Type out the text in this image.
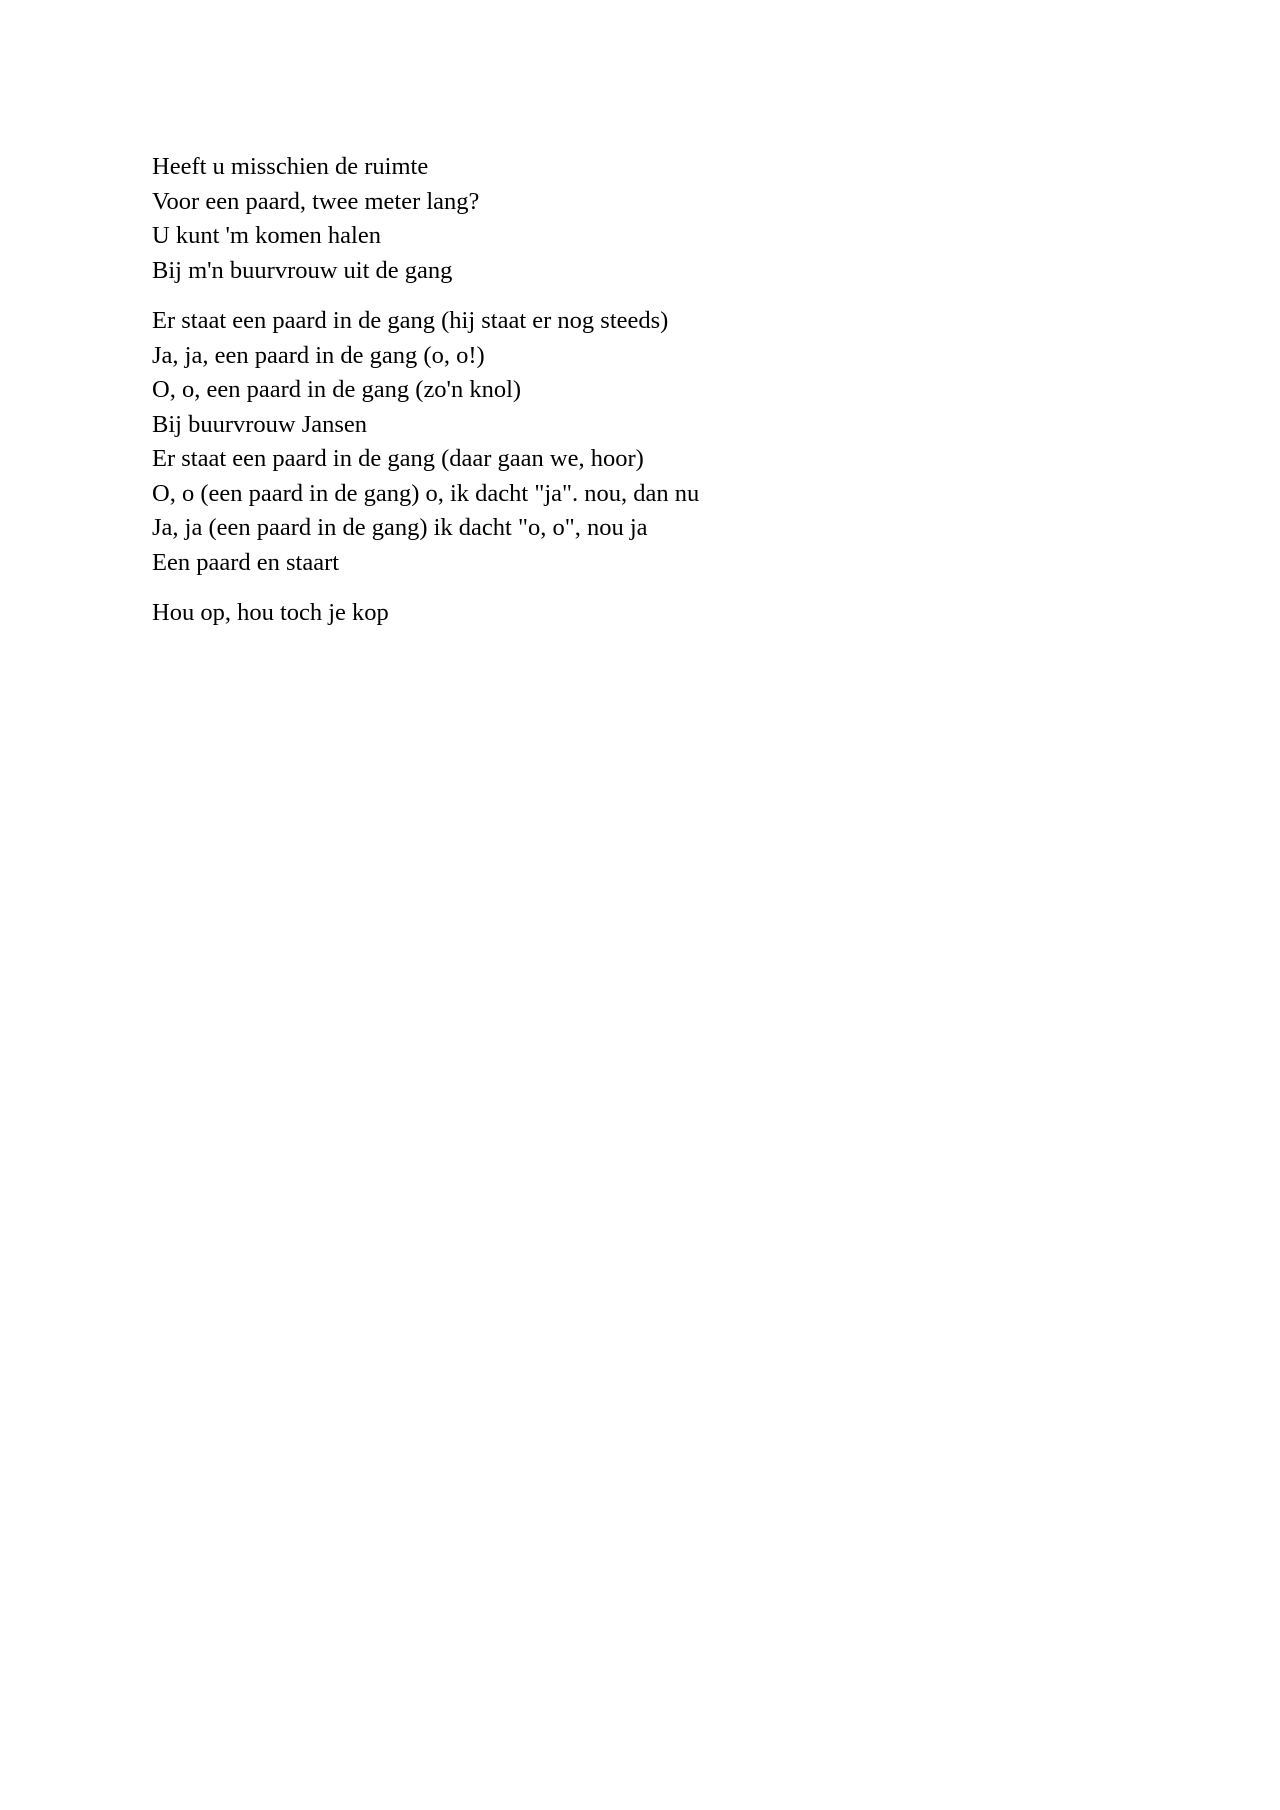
Heeft u misschien de ruimte
Voor een paard, twee meter lang?
U kunt 'm komen halen
Bij m'n buurvrouw uit de gang
Er staat een paard in de gang (hij staat er nog steeds)
Ja, ja, een paard in de gang (o, o!)
O, o, een paard in de gang (zo'n knol)
Bij buurvrouw Jansen
Er staat een paard in de gang (daar gaan we, hoor)
O, o (een paard in de gang) o, ik dacht "ja". nou, dan nu
Ja, ja (een paard in de gang) ik dacht "o, o", nou ja
Een paard en staart
Hou op, hou toch je kop
